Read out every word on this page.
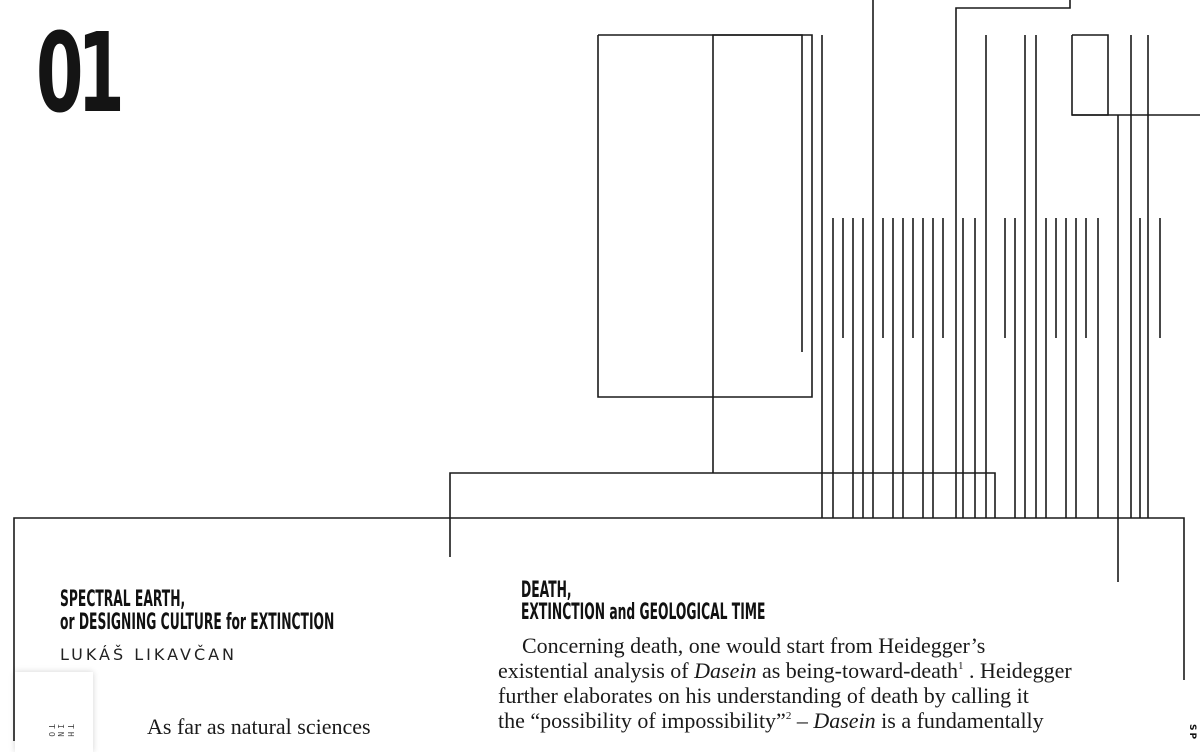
01
SPECTRAL EARTH,
or DESIGNING CULTURE for EXTINCTION
LUKÁŠ LIKAVČAN
DEATH,
EXTINCTION and GEOLOGICAL TIME

Concerning death, one would start from Heidegger’s

existential analysis of Dasein as being-toward-death$^1$ . Heidegger

further elaborates on his understanding of death by calling it

the “possibility of impossibility”$^2$ – Dasein is a fundamentally

As far as natural sciences
TH
IN
TO	SP
